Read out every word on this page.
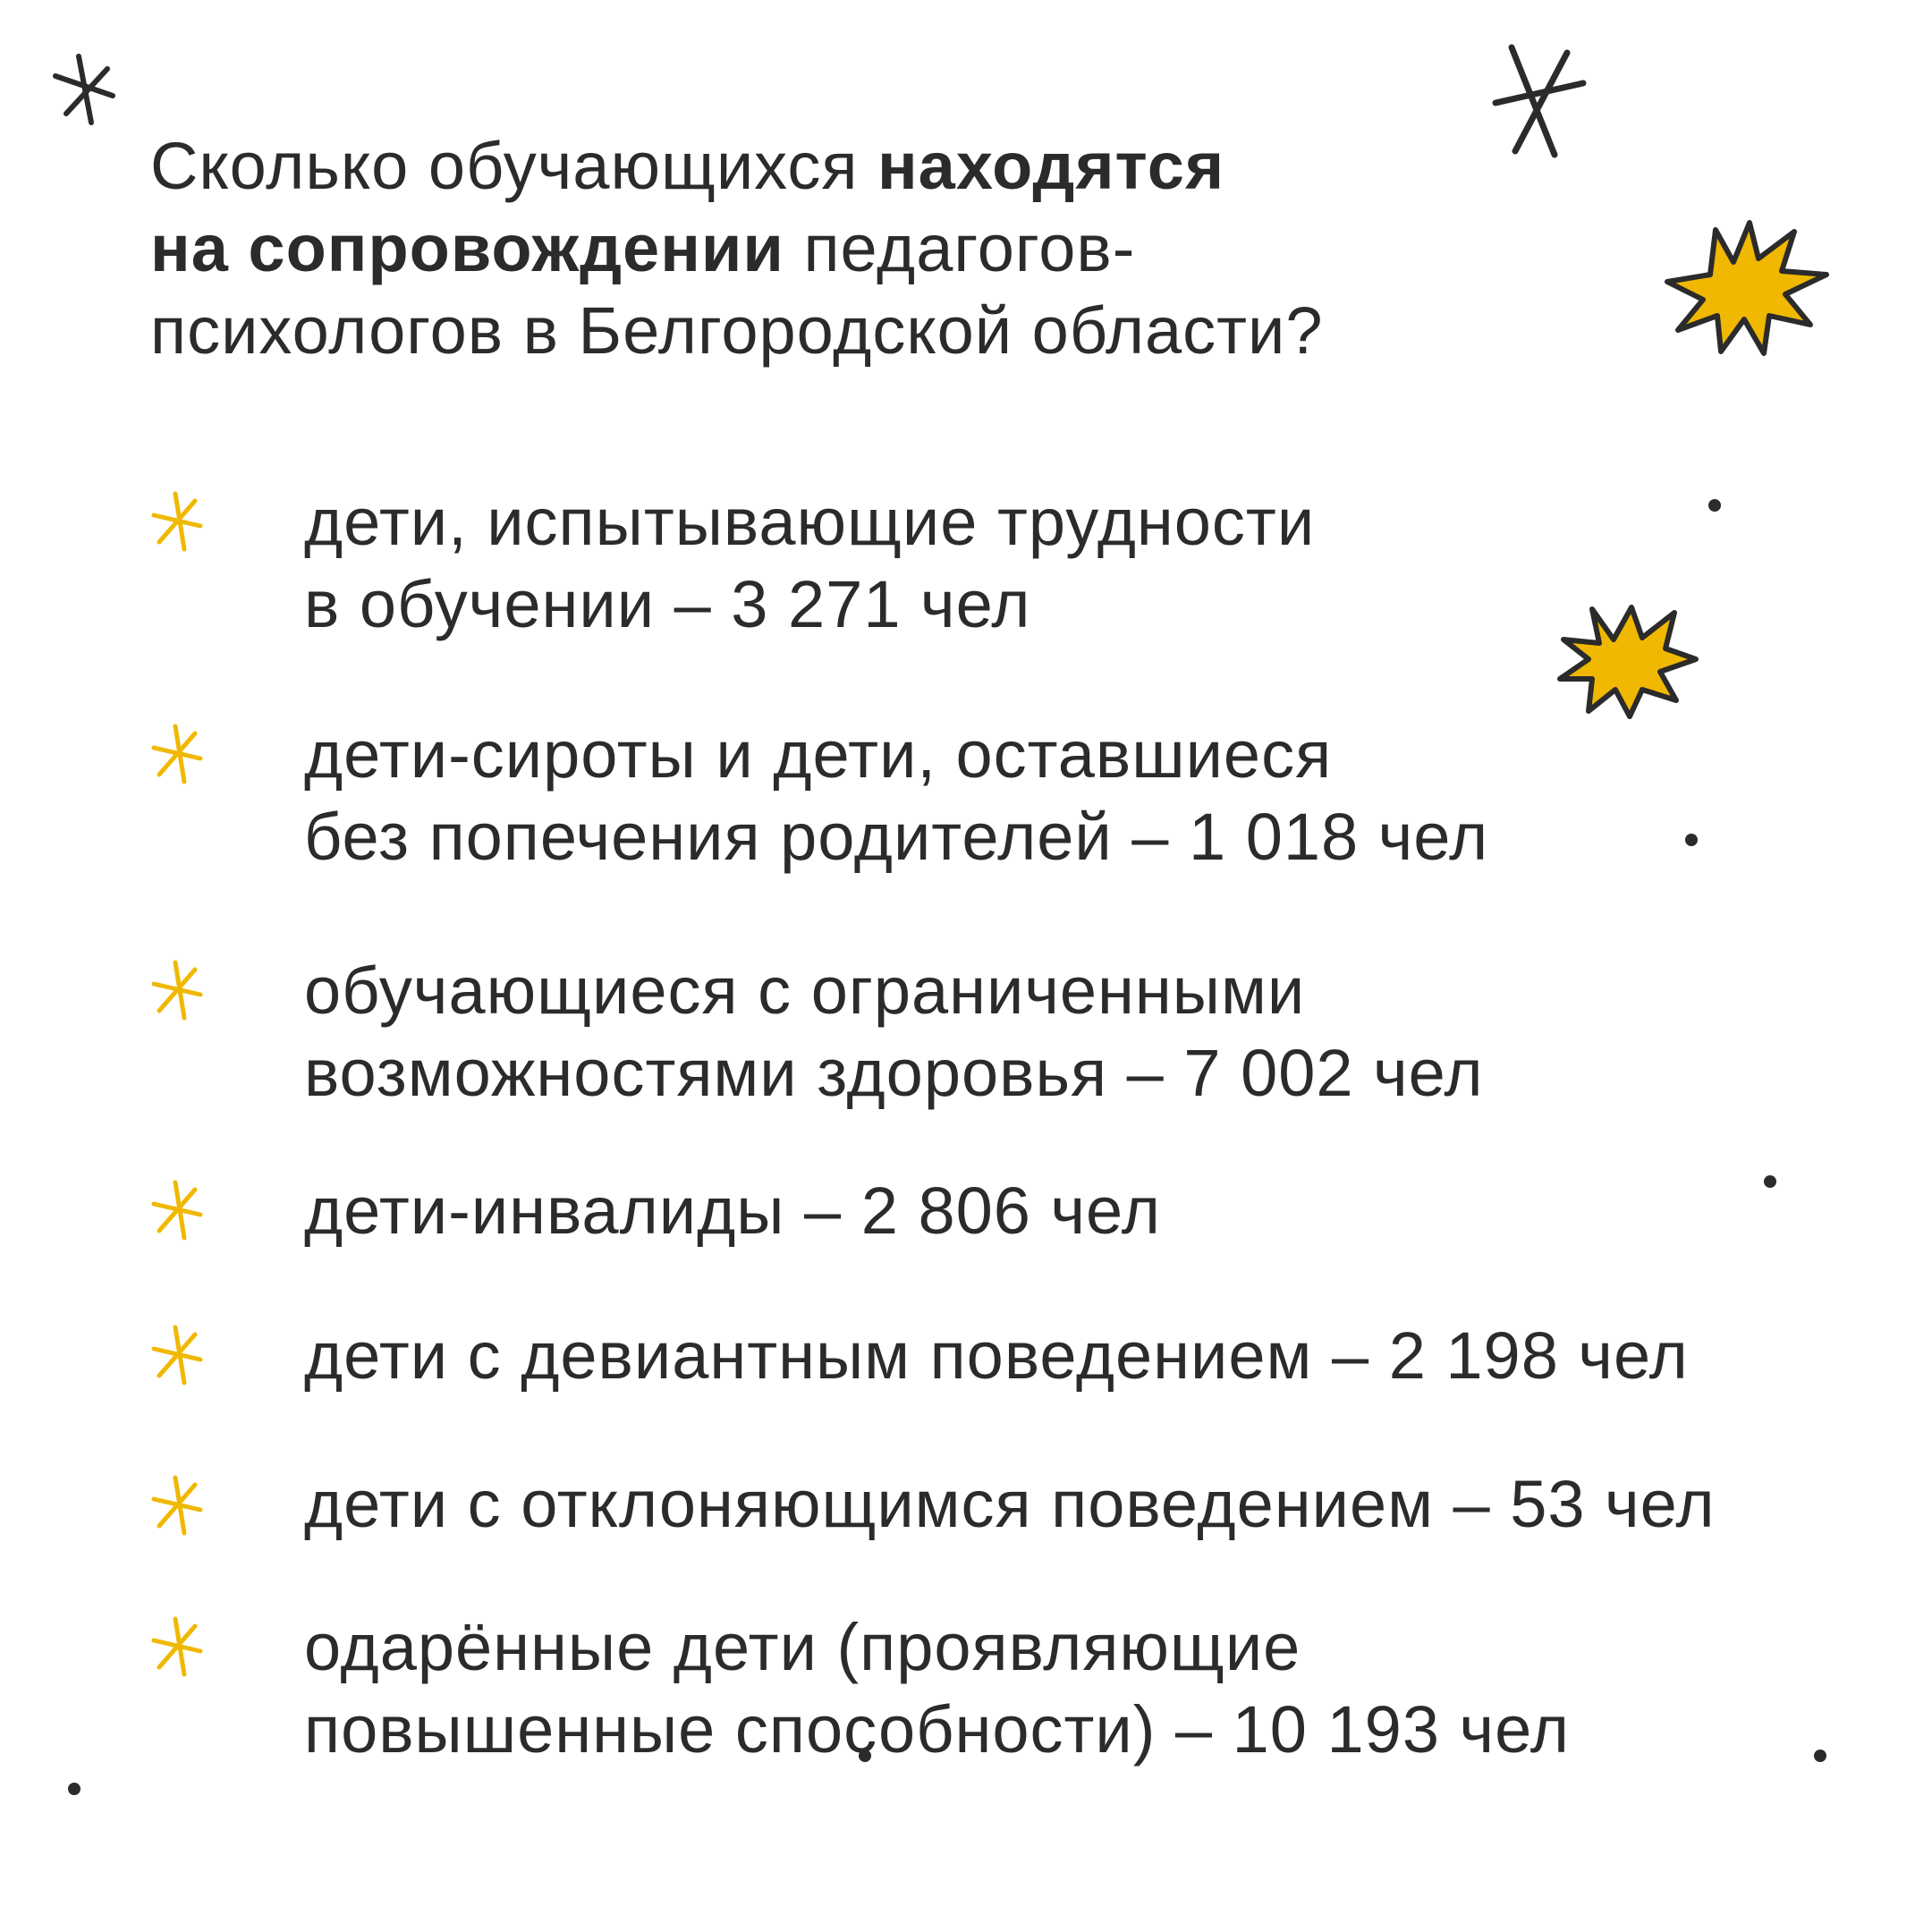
Сколько обучающихся находятся
на сопровождении педагогов-
психологов в Белгородской области?
дети, испытывающие трудности
в обучении – 3 271 чел
дети-сироты и дети, оставшиеся
без попечения родителей – 1 018 чел
обучающиеся с ограниченными
возможностями здоровья – 7 002 чел
дети-инвалиды – 2 806 чел
дети с девиантным поведением – 2 198 чел
дети с отклоняющимся поведением – 53 чел
одарённые дети (проявляющие
повышенные способности) – 10 193 чел
